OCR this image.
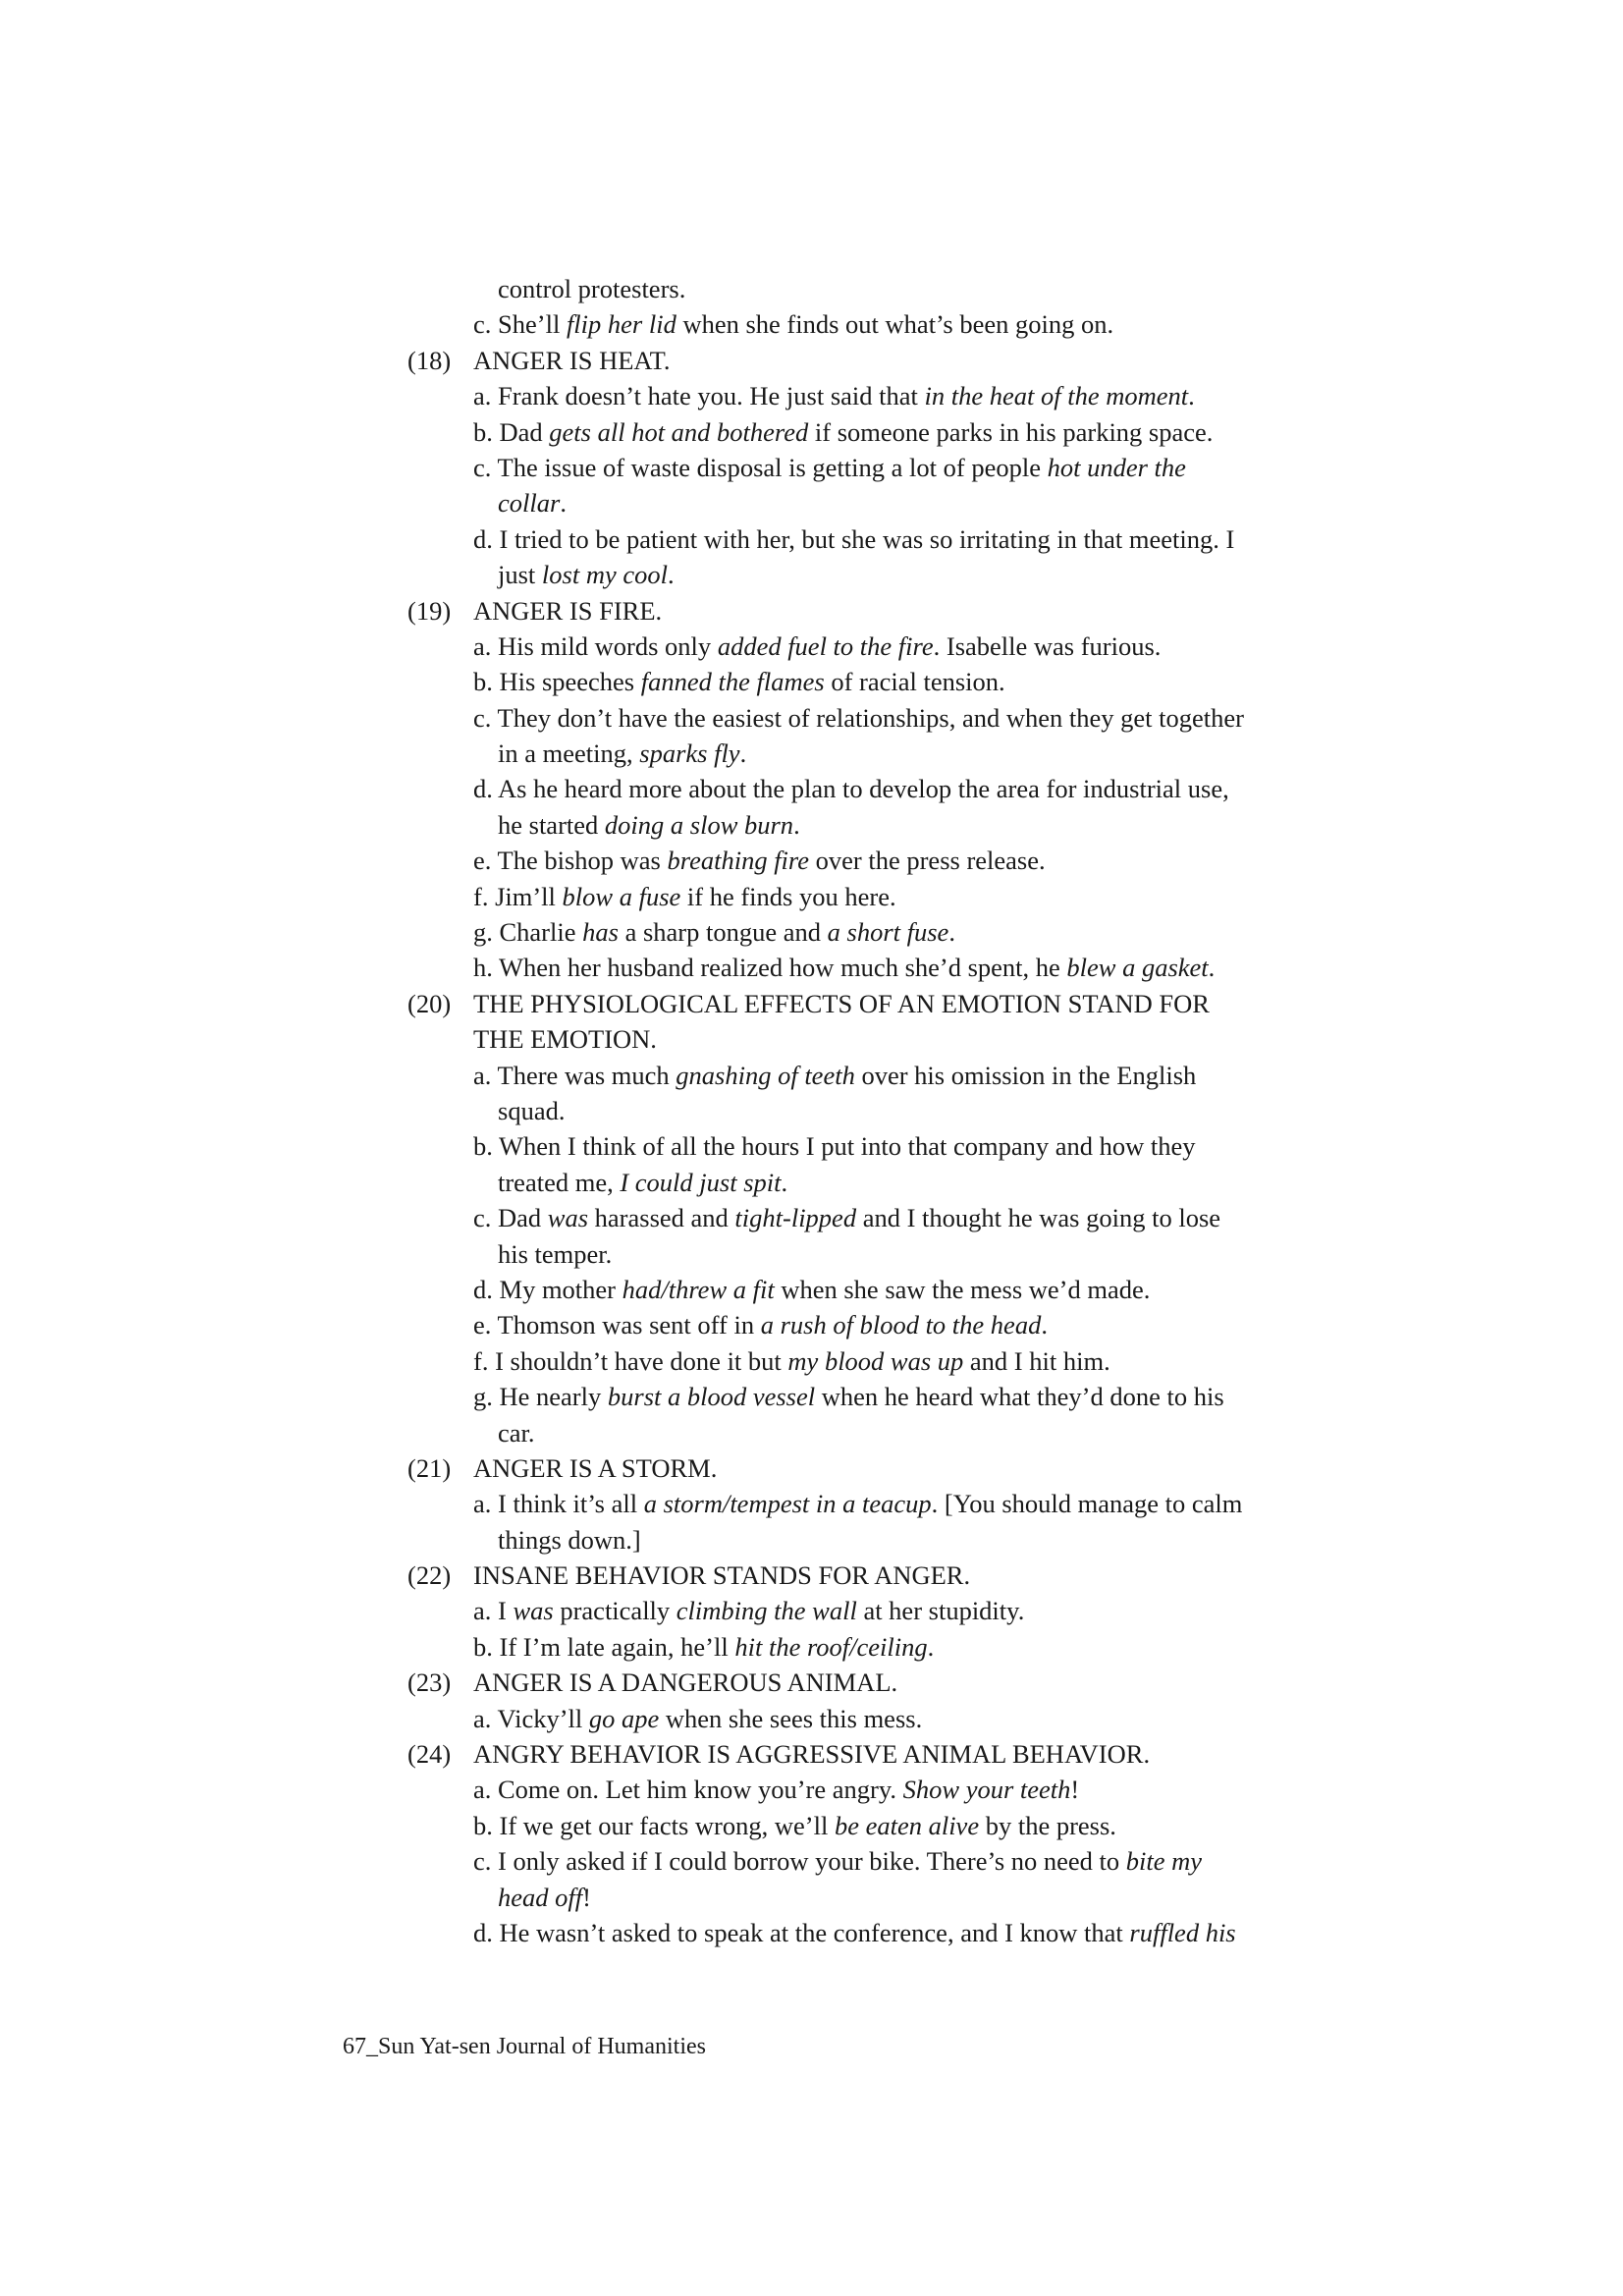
control protesters.
c. She’ll flip her lid when she finds out what’s been going on.
(18) ANGER IS HEAT.
a. Frank doesn’t hate you. He just said that in the heat of the moment.
b. Dad gets all hot and bothered if someone parks in his parking space.
c. The issue of waste disposal is getting a lot of people hot under the
collar.
d. I tried to be patient with her, but she was so irritating in that meeting. I
just lost my cool.
(19) ANGER IS FIRE.
a. His mild words only added fuel to the fire. Isabelle was furious.
b. His speeches fanned the flames of racial tension.
c. They don’t have the easiest of relationships, and when they get together
in a meeting, sparks fly.
d. As he heard more about the plan to develop the area for industrial use,
he started doing a slow burn.
e. The bishop was breathing fire over the press release.
f. Jim’ll blow a fuse if he finds you here.
g. Charlie has a sharp tongue and a short fuse.
h. When her husband realized how much she’d spent, he blew a gasket.
(20) THE PHYSIOLOGICAL EFFECTS OF AN EMOTION STAND FOR
THE EMOTION.
a. There was much gnashing of teeth over his omission in the English
squad.
b. When I think of all the hours I put into that company and how they
treated me, I could just spit.
c. Dad was harassed and tight-lipped and I thought he was going to lose
his temper.
d. My mother had/threw a fit when she saw the mess we’d made.
e. Thomson was sent off in a rush of blood to the head.
f. I shouldn’t have done it but my blood was up and I hit him.
g. He nearly burst a blood vessel when he heard what they’d done to his
car.
(21) ANGER IS A STORM.
a. I think it’s all a storm/tempest in a teacup. [You should manage to calm
things down.]
(22) INSANE BEHAVIOR STANDS FOR ANGER.
a. I was practically climbing the wall at her stupidity.
b. If I’m late again, he’ll hit the roof/ceiling.
(23) ANGER IS A DANGEROUS ANIMAL.
a. Vicky’ll go ape when she sees this mess.
(24) ANGRY BEHAVIOR IS AGGRESSIVE ANIMAL BEHAVIOR.
a. Come on. Let him know you’re angry. Show your teeth!
b. If we get our facts wrong, we’ll be eaten alive by the press.
c. I only asked if I could borrow your bike. There’s no need to bite my
head off!
d. He wasn’t asked to speak at the conference, and I know that ruffled his
67_Sun Yat-sen Journal of Humanities
